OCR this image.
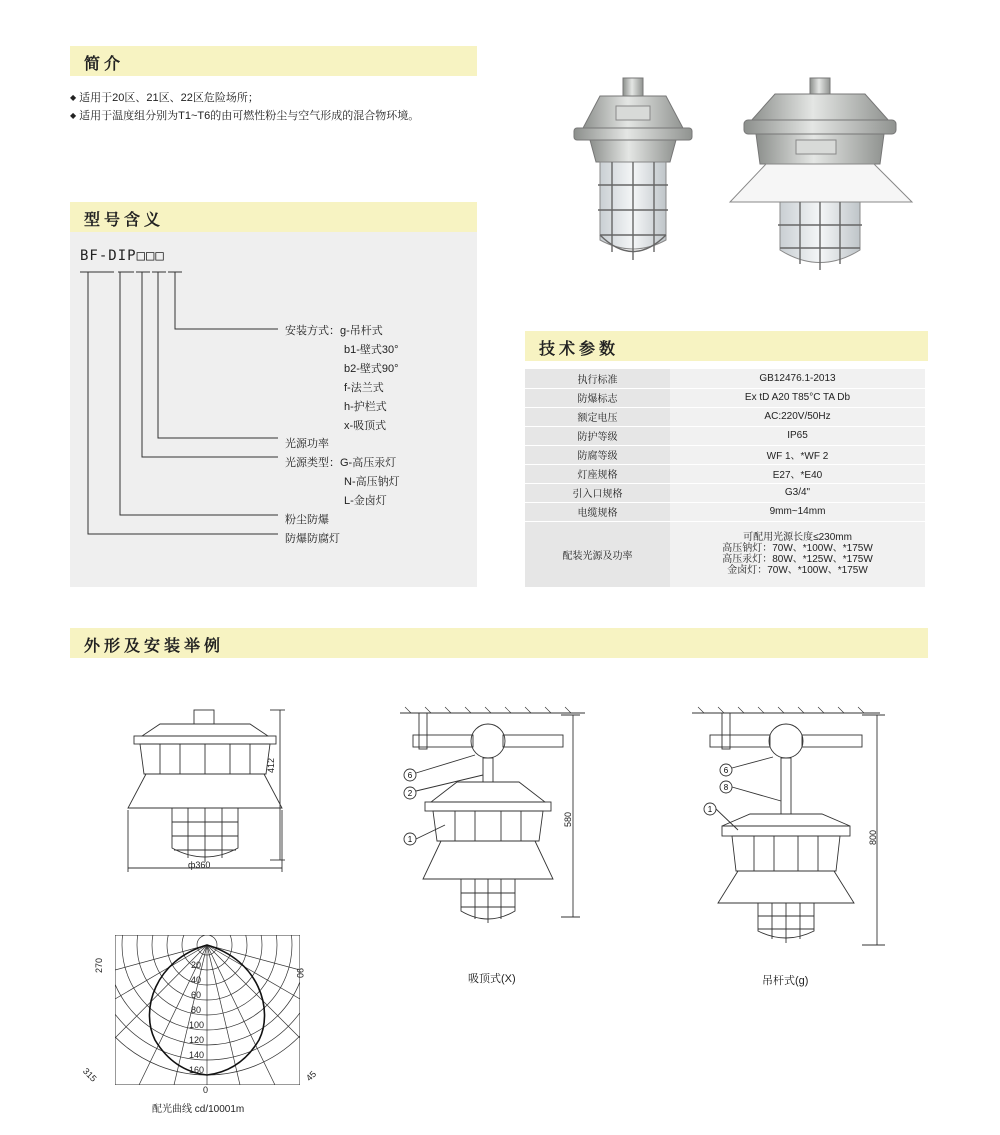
简介
◆ 适用于20区、21区、22区危险场所；
◆ 适用于温度组分别为T1~T6的由可燃性粉尘与空气形成的混合物环境。
型号含义
BF-DIP□□□
安装方式：g-吊杆式
b1-壁式30°
b2-壁式90°
f-法兰式
h-护栏式
x-吸顶式
光源功率
光源类型：G-高压汞灯
N-高压钠灯
L-金卤灯
粉尘防爆
防爆防腐灯
技术参数
执行标准	GB12476.1-2013
防爆标志	Ex tD A20 T85°C TA Db
额定电压	AC:220V/50Hz
防护等级	IP65
防腐等级	WF 1、*WF 2
灯座规格	E27、*E40
引入口规格	G3/4"
电缆规格	9mm~14mm
配装光源及功率	可配用光源长度≤230mm
高压钠灯：70W、*100W、*175W
高压汞灯：80W、*125W、*175W
金卤灯：70W、*100W、*175W
外形及安装举例
412
ф360
6
2
1
580
吸顶式(X)
6
8
1
800
吊杆式(g)
270
90
315	45
20
40
60
80
100
120
140
160
0
配光曲线 cd/10001m
